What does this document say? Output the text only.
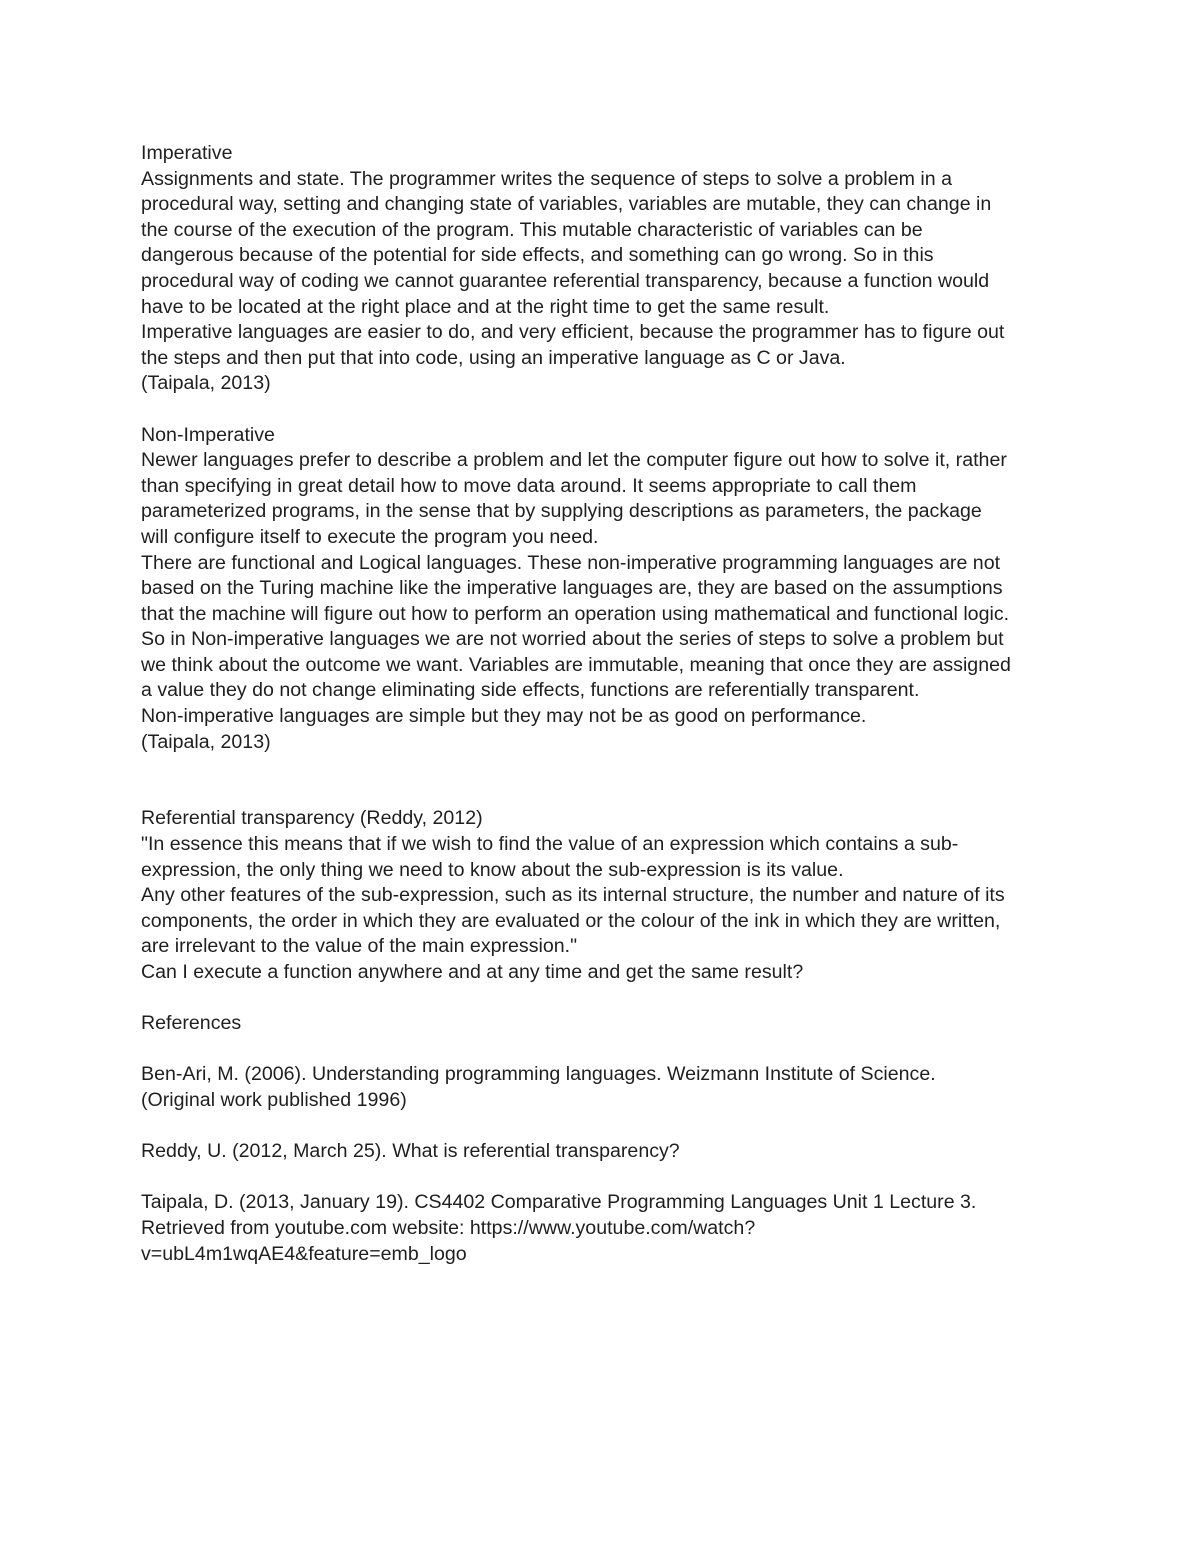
Imperative
Assignments and state. The programmer writes the sequence of steps to solve a problem in a
procedural way, setting and changing state of variables, variables are mutable, they can change in
the course of the execution of the program. This mutable characteristic of variables can be
dangerous because of the potential for side effects, and something can go wrong. So in this
procedural way of coding we cannot guarantee referential transparency, because a function would
have to be located at the right place and at the right time to get the same result.
Imperative languages are easier to do, and very efficient, because the programmer has to figure out
the steps and then put that into code, using an imperative language as C or Java.
(Taipala, 2013)
Non-Imperative
Newer languages prefer to describe a problem and let the computer figure out how to solve it, rather
than specifying in great detail how to move data around. It seems appropriate to call them
parameterized programs, in the sense that by supplying descriptions as parameters, the package
will configure itself to execute the program you need.
There are functional and Logical languages. These non-imperative programming languages are not
based on the Turing machine like the imperative languages are, they are based on the assumptions
that the machine will figure out how to perform an operation using mathematical and functional logic.
So in Non-imperative languages we are not worried about the series of steps to solve a problem but
we think about the outcome we want. Variables are immutable, meaning that once they are assigned
a value they do not change eliminating side effects, functions are referentially transparent.
Non-imperative languages are simple but they may not be as good on performance.
(Taipala, 2013)
Referential transparency (Reddy, 2012)
"In essence this means that if we wish to find the value of an expression which contains a sub-
expression, the only thing we need to know about the sub-expression is its value.
Any other features of the sub-expression, such as its internal structure, the number and nature of its
components, the order in which they are evaluated or the colour of the ink in which they are written,
are irrelevant to the value of the main expression."
Can I execute a function anywhere and at any time and get the same result?
References
Ben-Ari, M. (2006). Understanding programming languages. Weizmann Institute of Science.
(Original work published 1996)
Reddy, U. (2012, March 25). What is referential transparency?
Taipala, D. (2013, January 19). CS4402 Comparative Programming Languages Unit 1 Lecture 3.
Retrieved from youtube.com website: https://www.youtube.com/watch?
v=ubL4m1wqAE4&feature=emb_logo
